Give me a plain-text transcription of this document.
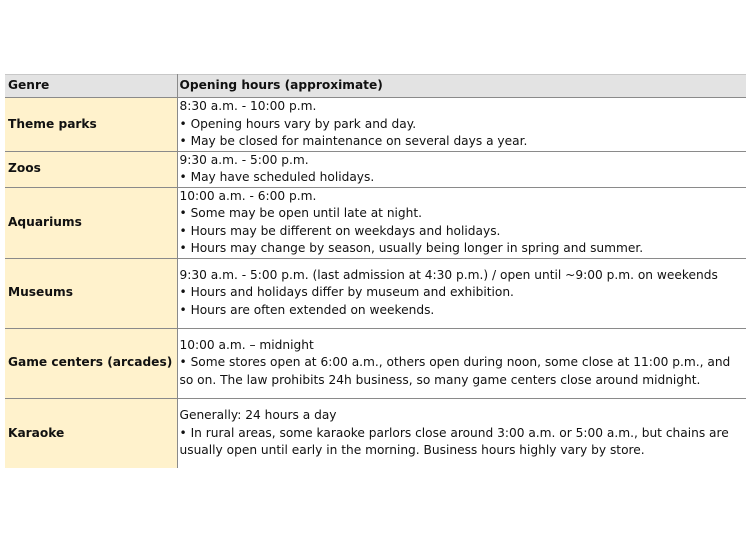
Genre	Opening hours (approximate)
Theme parks	8:30 a.m. - 10:00 p.m.
• Opening hours vary by park and day.
• May be closed for maintenance on several days a year.

Zoos	9:30 a.m. - 5:00 p.m.
• May have scheduled holidays.

Aquariums	10:00 a.m. - 6:00 p.m.
• Some may be open until late at night.
• Hours may be different on weekdays and holidays.
• Hours may change by season, usually being longer in spring and summer.

Museums	9:30 a.m. - 5:00 p.m. (last admission at 4:30 p.m.) / open until ~9:00 p.m. on weekends
• Hours and holidays differ by museum and exhibition.
• Hours are often extended on weekends.

Game centers (arcades)	10:00 a.m. – midnight
• Some stores open at 6:00 a.m., others open during noon, some close at 11:00 p.m., and so on. The law prohibits 24h business, so many game centers close around midnight.

Karaoke	Generally: 24 hours a day
• In rural areas, some karaoke parlors close around 3:00 a.m. or 5:00 a.m., but chains are usually open until early in the morning. Business hours highly vary by store.
